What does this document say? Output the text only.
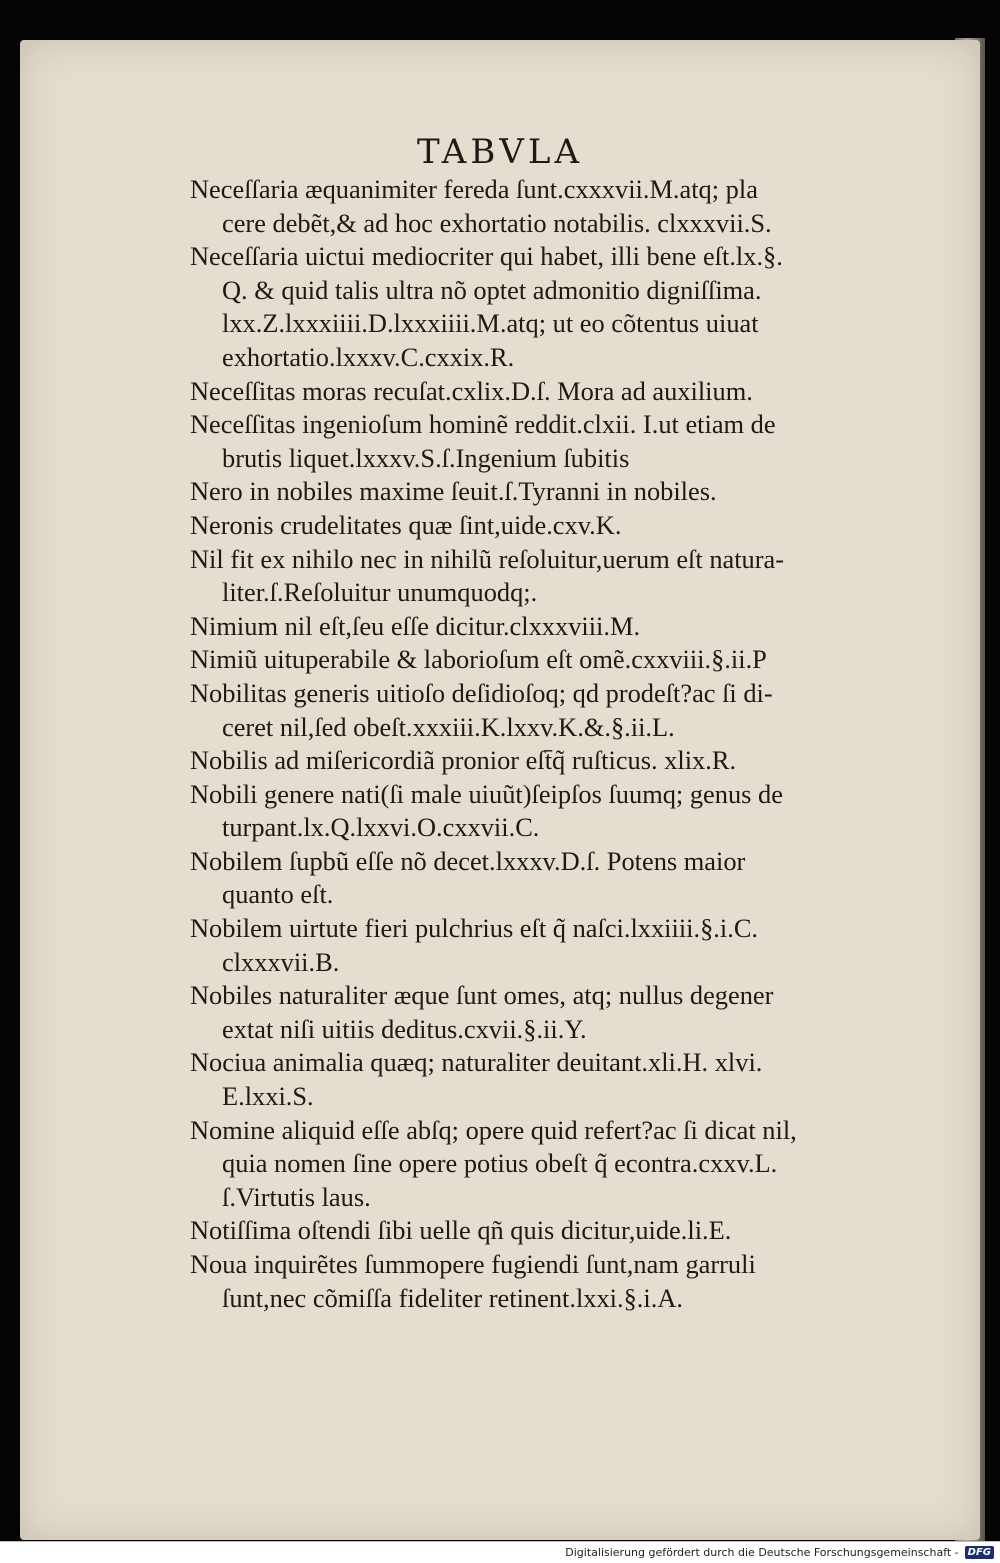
TABVLA
Neceſſaria æquanimiter fereda ſunt.cxxxvii.M.atq; pla
cere debẽt,& ad hoc exhortatio notabilis. clxxxvii.S.
Neceſſaria uictui mediocriter qui habet, illi bene eſt.lx.§.
Q. & quid talis ultra nõ optet admonitio digniſſima.
lxx.Z.lxxxiiii.D.lxxxiiii.M.atq; ut eo cõtentus uiuat
exhortatio.lxxxv.C.cxxix.R.
Neceſſitas moras recuſat.cxlix.D.ſ. Mora ad auxilium.
Neceſſitas ingenioſum hominẽ reddit.clxii. I.ut etiam de
brutis liquet.lxxxv.S.ſ.Ingenium ſubitis
Nero in nobiles maxime ſeuit.ſ.Tyranni in nobiles.
Neronis crudelitates quæ ſint,uide.cxv.K.
Nil fit ex nihilo nec in nihilũ reſoluitur,uerum eſt natura-
liter.ſ.Reſoluitur unumquodq;.
Nimium nil eſt,ſeu eſſe dicitur.clxxxviii.M.
Nimiũ uituperabile & laborioſum eſt omẽ.cxxviii.§.ii.P
Nobilitas generis uitioſo deſidioſoq; qd prodeſt?ac ſi di-
ceret nil,ſed obeſt.xxxiii.K.lxxv.K.&.§.ii.L.
Nobilis ad miſericordiã pronior eſt̄q̃ ruſticus. xlix.R.
Nobili genere nati(ſi male uiuũt)ſeipſos ſuumq; genus de
turpant.lx.Q.lxxvi.O.cxxvii.C.
Nobilem ſupbũ eſſe nõ decet.lxxxv.D.ſ. Potens maior
quanto eſt.
Nobilem uirtute fieri pulchrius eſt q̃ naſci.lxxiiii.§.i.C.
clxxxvii.B.
Nobiles naturaliter æque ſunt omes, atq; nullus degener
extat niſi uitiis deditus.cxvii.§.ii.Y.
Nociua animalia quæq; naturaliter deuitant.xli.H. xlvi.
E.lxxi.S.
Nomine aliquid eſſe abſq; opere quid refert?ac ſi dicat nil,
quia nomen ſine opere potius obeſt q̃ econtra.cxxv.L.
ſ.Virtutis laus.
Notiſſima oſtendi ſibi uelle qñ quis dicitur,uide.li.E.
Noua inquirẽtes ſummopere fugiendi ſunt,nam garruli
ſunt,nec cõmiſſa fideliter retinent.lxxi.§.i.A.
Digitalisierung gefördert durch die Deutsche Forschungsgemeinschaft - DFG
